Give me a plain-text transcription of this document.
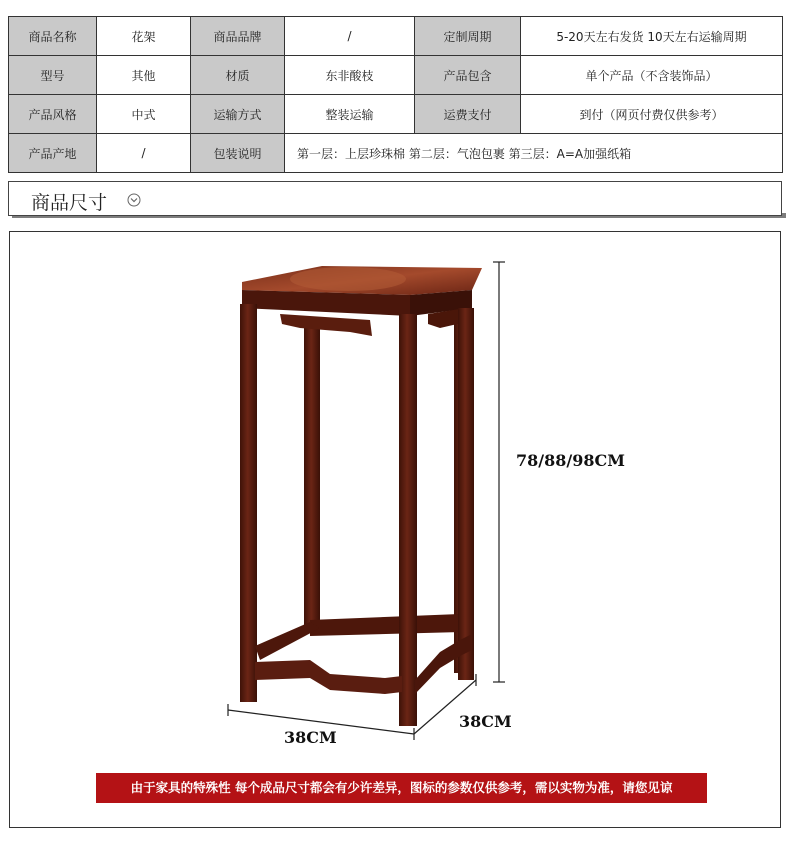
商品名称	花架	商品品牌	/	定制周期	5-20天左右发货 10天左右运输周期
型号	其他	材质	东非酸枝	产品包含	单个产品（不含装饰品）
产品风格	中式	运输方式	整装运输	运费支付	到付（网页付费仅供参考）
产品产地	/	包装说明	第一层：上层珍珠棉 第二层：气泡包裹 第三层：A=A加强纸箱		
商品尺寸
78/88/98CM
38CM
38CM
由于家具的特殊性 每个成品尺寸都会有少许差异，图标的参数仅供参考，需以实物为准，请您见谅
